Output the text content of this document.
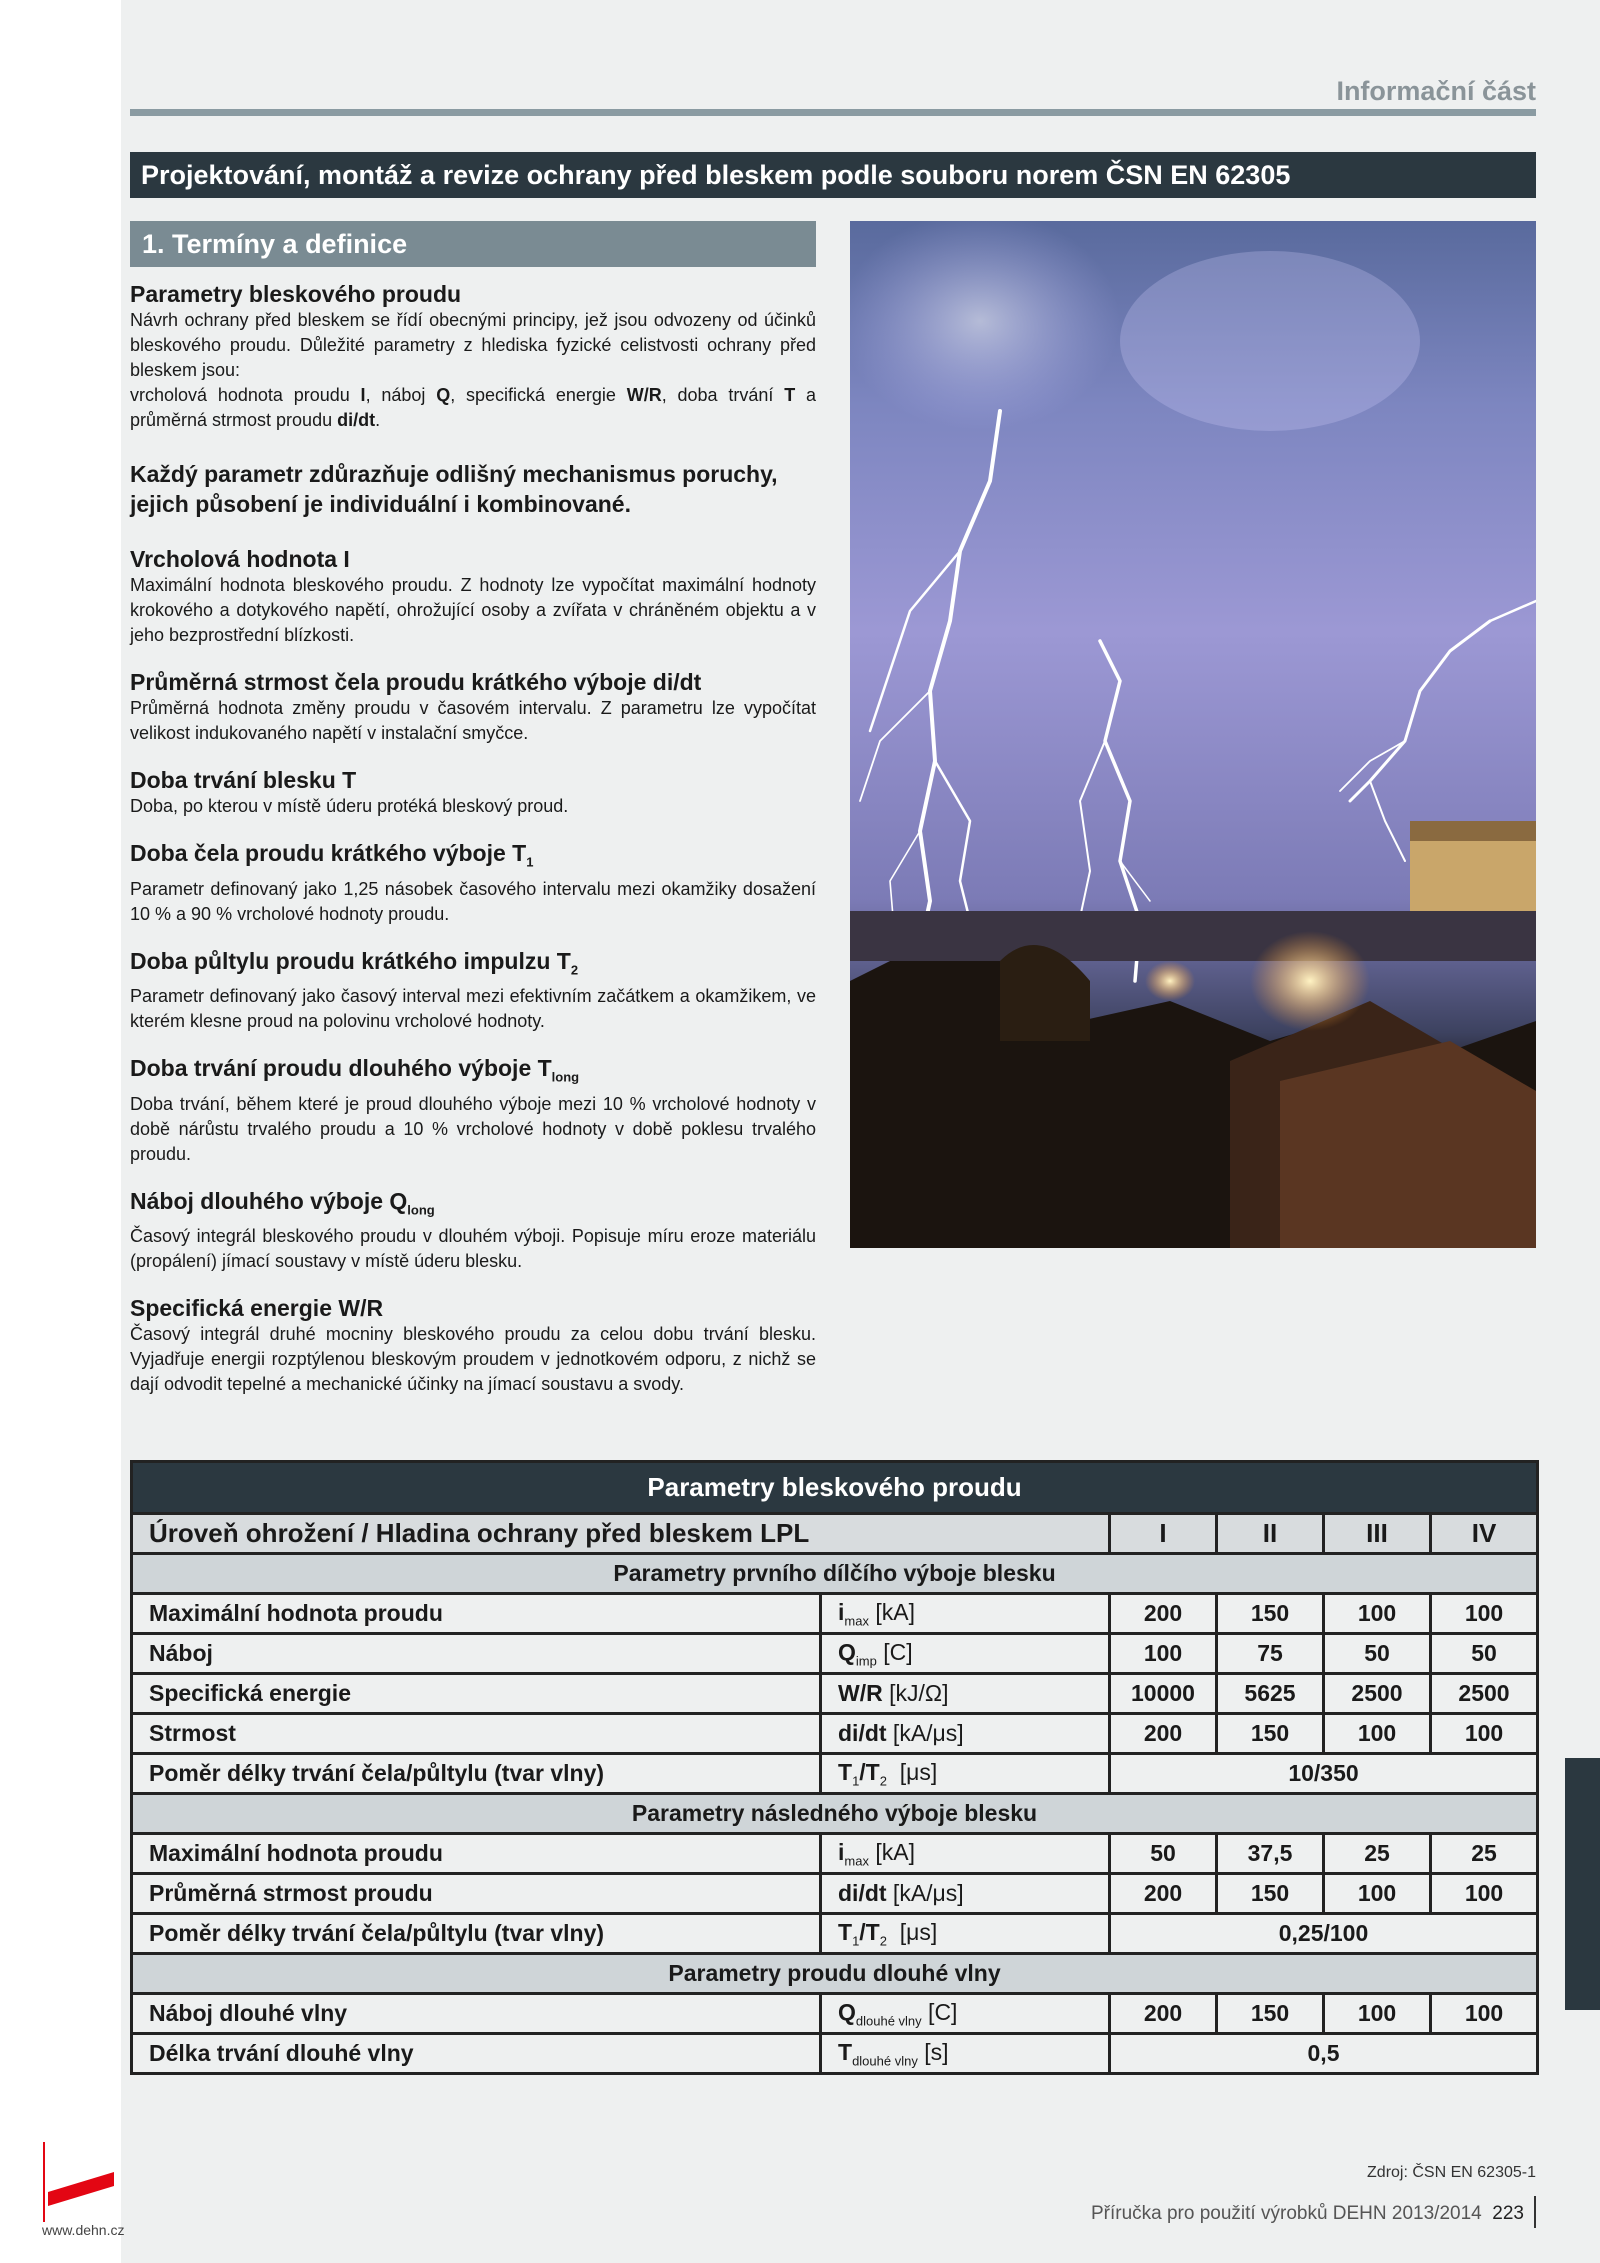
Informační část
Projektování, montáž a revize ochrany před bleskem podle souboru norem ČSN EN 62305
1. Termíny a definice
Parametry bleskového proudu

Návrh ochrany před bleskem se řídí obecnými principy, jež jsou odvozeny od účinků bleskového proudu. Důležité parametry z hlediska fyzické celistvosti ochrany před bleskem jsou:

vrcholová hodnota proudu I, náboj Q, specifická energie W/R, doba trvání T a průměrná strmost proudu di/dt.

Každý parametr zdůrazňuje odlišný mechanismus poruchy, jejich působení je individuální i kombinované.
Vrcholová hodnota I

Maximální hodnota bleskového proudu. Z hodnoty lze vypočítat maximální hodnoty krokového a dotykového napětí, ohrožující osoby a zvířata v chráněném objektu a v jeho bezprostřední blízkosti.

Průměrná strmost čela proudu krátkého výboje di/dt

Průměrná hodnota změny proudu v časovém intervalu. Z parametru lze vypočítat velikost indukovaného napětí v instalační smyčce.

Doba trvání blesku T

Doba, po kterou v místě úderu protéká bleskový proud.

Doba čela proudu krátkého výboje $T_1$

Parametr definovaný jako 1,25 násobek časového intervalu mezi okamžiky dosažení 10 % a 90 % vrcholové hodnoty proudu.

Doba půltylu proudu krátkého impulzu $T_2$

Parametr definovaný jako časový interval mezi efektivním začátkem a okamžikem, ve kterém klesne proud na polovinu vrcholové hodnoty.

Doba trvání proudu dlouhého výboje $T_{long}$

Doba trvání, během které je proud dlouhého výboje mezi 10 % vrcholové hodnoty v době nárůstu trvalého proudu a 10 % vrcholové hodnoty v době poklesu trvalého proudu.

Náboj dlouhého výboje $Q_{long}$

Časový integrál bleskového proudu v dlouhém výboji. Popisuje míru eroze materiálu (propálení) jímací soustavy v místě úderu blesku.

Specifická energie W/R

Časový integrál druhé mocniny bleskového proudu za celou dobu trvání blesku. Vyjadřuje energii rozptýlenou bleskovým proudem v jednotkovém odporu, z nichž se dají odvodit tepelné a mechanické účinky na jímací soustavu a svody.

Parametry bleskového proudu					
Úroveň ohrožení / Hladina ochrany před bleskem LPL		I	II	III	IV
Parametry prvního dílčího výboje blesku					
Maximální hodnota proudu	$i_{max}$ [kA]	200	150	100	100
Náboj	$Q_{imp}$ [C]	100	75	50	50
Specifická energie	W/R [kJ/Ω]	10000	5625	2500	2500
Strmost	di/dt [kA/μs]	200	150	100	100
Poměr délky trvání čela/půltylu (tvar vlny)	$T_1/T_2$  [μs]	10/350			
Parametry následného výboje blesku					
Maximální hodnota proudu	$i_{max}$ [kA]	50	37,5	25	25
Průměrná strmost proudu	di/dt [kA/μs]	200	150	100	100
Poměr délky trvání čela/půltylu (tvar vlny)	$T_1/T_2$  [μs]	0,25/100			
Parametry proudu dlouhé vlny					
Náboj dlouhé vlny	$Q_{dlouhé vlny}$ [C]	200	150	100	100
Délka trvání dlouhé vlny	$T_{dlouhé vlny}$ [s]	0,5			
Zdroj: ČSN EN 62305-1
Příručka pro použití výrobků DEHN 2013/2014 223
www.dehn.cz
